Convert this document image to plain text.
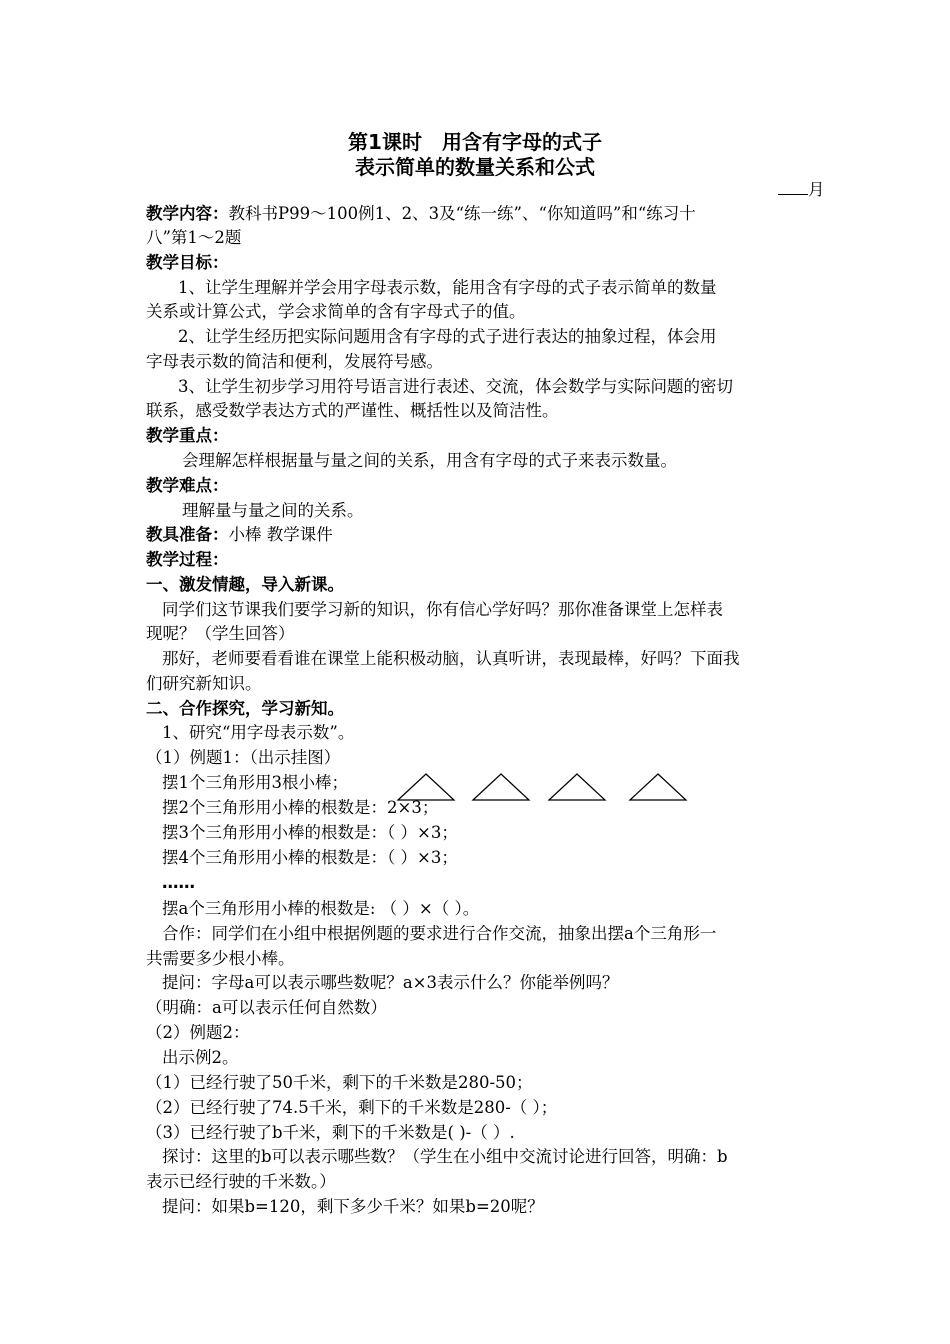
第1课时　用含有字母的式子
表示简单的数量关系和公式
月

教学内容：教科书P99～100例1、2、3及“练一练”、“你知道吗”和“练习十

八”第1～2题

教学目标：

1、让学生理解并学会用字母表示数，能用含有字母的式子表示简单的数量

关系或计算公式，学会求简单的含有字母式子的值。

2、让学生经历把实际问题用含有字母的式子进行表达的抽象过程，体会用

字母表示数的简洁和便利，发展符号感。

3、让学生初步学习用符号语言进行表述、交流，体会数学与实际问题的密切

联系，感受数学表达方式的严谨性、概括性以及简洁性。

教学重点：

会理解怎样根据量与量之间的关系，用含有字母的式子来表示数量。

教学难点：

理解量与量之间的关系。

教具准备：小棒 教学课件

教学过程：

一、激发情趣，导入新课。

同学们这节课我们要学习新的知识，你有信心学好吗？那你准备课堂上怎样表

现呢？（学生回答）

那好，老师要看看谁在课堂上能积极动脑，认真听讲，表现最棒，好吗？下面我

们研究新知识。

二、合作探究，学习新知。

1、研究“用字母表示数”。

（1）例题1：（出示挂图）

摆1个三角形用3根小棒；

摆2个三角形用小棒的根数是：2×3；

摆3个三角形用小棒的根数是：（ ）×3；

摆4个三角形用小棒的根数是：（ ）×3；

……

摆a个三角形用小棒的根数是: （ ）×（ ）。

合作：同学们在小组中根据例题的要求进行合作交流，抽象出摆a个三角形一

共需要多少根小棒。

提问：字母a可以表示哪些数呢？a×3表示什么？你能举例吗？

（明确：a可以表示任何自然数）

（2）例题2：

出示例2。

（1）已经行驶了50千米，剩下的千米数是280-50；

（2）已经行驶了74.5千米，剩下的千米数是280-（ ）；

（3）已经行驶了b千米，剩下的千米数是( )-（ ）.

探讨：这里的b可以表示哪些数？（学生在小组中交流讨论进行回答，明确：b

表示已经行驶的千米数。）

提问：如果b=120，剩下多少千米？如果b=20呢？
